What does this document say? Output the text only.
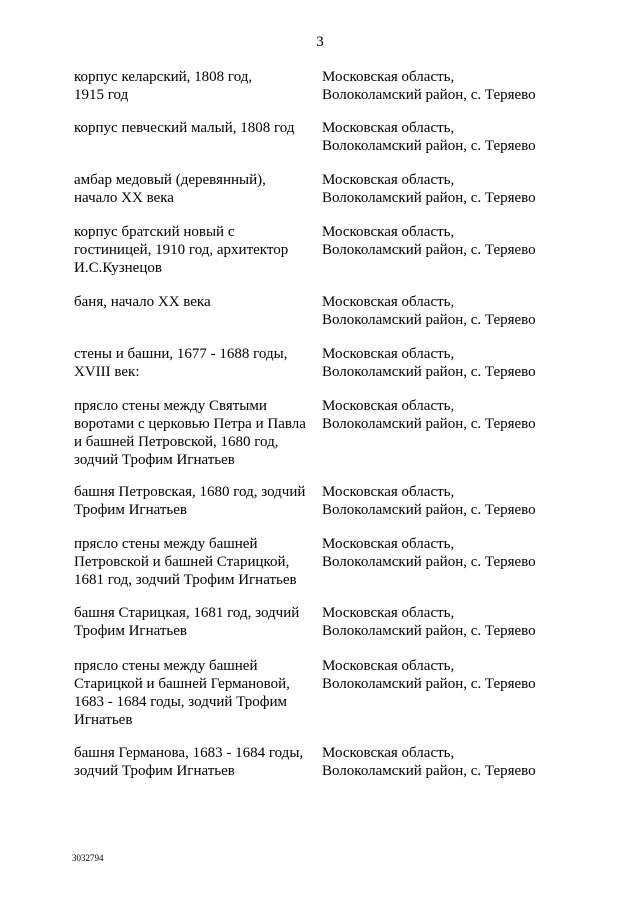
3
корпус келарский, 1808 год,
1915 год
Московская область,
Волоколамский район, с. Теряево
корпус певческий малый, 1808 год	Московская область,
Волоколамский район, с. Теряево
амбар медовый (деревянный),
начало XX века
Московская область,
Волоколамский район, с. Теряево
корпус братский новый с
гостиницей, 1910 год, архитектор
И.С.Кузнецов
Московская область,
Волоколамский район, с. Теряево
баня, начало XX века	Московская область,
Волоколамский район, с. Теряево
стены и башни, 1677 - 1688 годы,
XVIII век:
Московская область,
Волоколамский район, с. Теряево
прясло стены между Святыми
воротами с церковью Петра и Павла
и башней Петровской, 1680 год,
зодчий Трофим Игнатьев
Московская область,
Волоколамский район, с. Теряево
башня Петровская, 1680 год, зодчий
Трофим Игнатьев
Московская область,
Волоколамский район, с. Теряево
прясло стены между башней
Петровской и башней Старицкой,
1681 год, зодчий Трофим Игнатьев
Московская область,
Волоколамский район, с. Теряево
башня Старицкая, 1681 год, зодчий
Трофим Игнатьев
Московская область,
Волоколамский район, с. Теряево
прясло стены между башней
Старицкой и башней Германовой,
1683 - 1684 годы, зодчий Трофим
Игнатьев
Московская область,
Волоколамский район, с. Теряево
башня Германова, 1683 - 1684 годы,
зодчий Трофим Игнатьев
Московская область,
Волоколамский район, с. Теряево
3032794
